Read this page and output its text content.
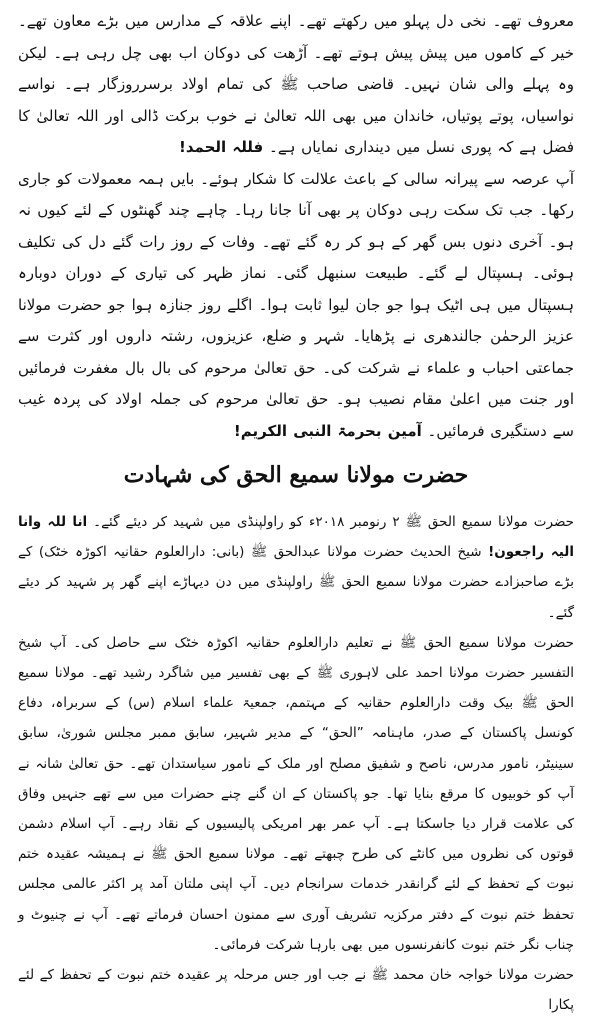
معروف تھے۔ نخی دل پہلو میں رکھتے تھے۔ اپنے علاقہ کے مدارس میں بڑے معاون تھے۔ خیر کے کاموں میں پیش پیش ہوتے تھے۔ آڑھت کی دوکان اب بھی چل رہی ہے۔ لیکن وہ پہلے والی شان نہیں۔ قاضی صاحب ﷺ کی تمام اولاد برسرروزگار ہے۔ نواسے نواسیاں، پوتے پوتیاں، خاندان میں بھی اللہ تعالیٰ نے خوب برکت ڈالی اور اللہ تعالیٰ کا فضل ہے کہ پوری نسل میں دینداری نمایاں ہے۔ فللہ الحمد!

آپ عرصہ سے پیرانہ سالی کے باعث علالت کا شکار ہوئے۔ بایں ہمہ معمولات کو جاری رکھا۔ جب تک سکت رہی دوکان پر بھی آنا جانا رہا۔ چاہے چند گھنٹوں کے لئے کیوں نہ ہو۔ آخری دنوں بس گھر کے ہو کر رہ گئے تھے۔ وفات کے روز رات گئے دل کی تکلیف ہوئی۔ ہسپتال لے گئے۔ طبیعت سنبھل گئی۔ نماز ظہر کی تیاری کے دوران دوبارہ ہسپتال میں ہی اٹیک ہوا جو جان لیوا ثابت ہوا۔ اگلے روز جنازہ ہوا جو حضرت مولانا عزیز الرحمٰن جالندھری نے پڑھایا۔ شہر و ضلع، عزیزوں، رشتہ داروں اور کثرت سے جماعتی احباب و علماء نے شرکت کی۔ حق تعالیٰ مرحوم کی بال بال مغفرت فرمائیں اور جنت میں اعلیٰ مقام نصیب ہو۔ حق تعالیٰ مرحوم کی جملہ اولاد کی پردہ غیب سے دستگیری فرمائیں۔ آمین بحرمۃ النبی الکریم!

حضرت مولانا سمیع الحق کی شہادت

حضرت مولانا سمیع الحق ﷺ ۲ رنومبر ۲۰۱۸ء کو راولپنڈی میں شہید کر دیئے گئے۔ انا للہ وانا الیہ راجعون! شیخ الحدیث حضرت مولانا عبدالحق ﷺ (بانی: دارالعلوم حقانیہ اکوڑہ خٹک) کے بڑے صاحبزادے حضرت مولانا سمیع الحق ﷺ راولپنڈی میں دن دیہاڑے اپنے گھر پر شہید کر دیئے گئے۔

حضرت مولانا سمیع الحق ﷺ نے تعلیم دارالعلوم حقانیہ اکوڑہ خٹک سے حاصل کی۔ آپ شیخ التفسیر حضرت مولانا احمد علی لاہوری ﷺ کے بھی تفسیر میں شاگرد رشید تھے۔ مولانا سمیع الحق ﷺ بیک وقت دارالعلوم حقانیہ کے مہتمم، جمعیۃ علماء اسلام (س) کے سربراہ، دفاع کونسل پاکستان کے صدر، ماہنامہ ”الحق“ کے مدیر شہیر، سابق ممبر مجلس شوریٰ، سابق سینیٹر، نامور مدرس، ناصح و شفیق مصلح اور ملک کے نامور سیاستدان تھے۔ حق تعالیٰ شانہ نے آپ کو خوبیوں کا مرقع بنایا تھا۔ جو پاکستان کے ان گنے چنے حضرات میں سے تھے جنہیں وفاق کی علامت قرار دیا جاسکتا ہے۔ آپ عمر بھر امریکی پالیسیوں کے نقاد رہے۔ آپ اسلام دشمن قوتوں کی نظروں میں کانٹے کی طرح چبھتے تھے۔ مولانا سمیع الحق ﷺ نے ہمیشہ عقیدہ ختم نبوت کے تحفظ کے لئے گرانقدر خدمات سرانجام دیں۔ آپ اپنی ملتان آمد پر اکثر عالمی مجلس تحفظ ختم نبوت کے دفتر مرکزیہ تشریف آوری سے ممنون احسان فرماتے تھے۔ آپ نے چنیوٹ و چناب نگر ختم نبوت کانفرنسوں میں بھی بارہا شرکت فرمائی۔

حضرت مولانا خواجہ خان محمد ﷺ نے جب اور جس مرحلہ پر عقیدہ ختم نبوت کے تحفظ کے لئے پکارا
